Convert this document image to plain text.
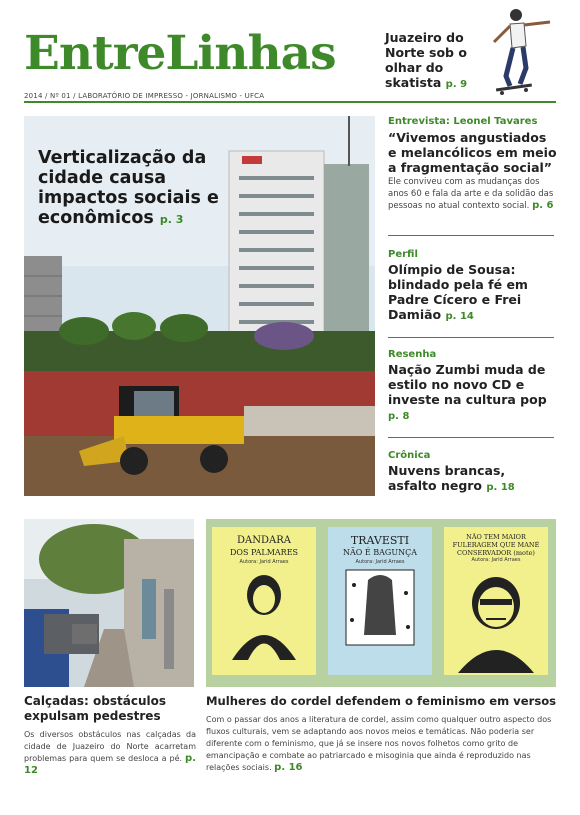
EntreLinhas
2014 / Nº 01 / LABORATÓRIO DE IMPRESSO - JORNALISMO - UFCA
Juazeiro do Norte sob o olhar do skatista p. 9
Verticalização da cidade causa impactos sociais e econômicos p. 3
Entrevista: Leonel Tavares
“Vivemos angustiados e melancólicos em meio a fragmentação social”
Ele conviveu com as mudanças dos anos 60 e fala da arte e da solidão das pessoas no atual contexto social. p. 6
Perfil
Olímpio de Sousa: blindado pela fé em Padre Cícero e Frei Damião p. 14
Resenha
Nação Zumbi muda de estilo no novo CD e investe na cultura pop p. 8
Crônica
Nuvens brancas, asfalto negro p. 18
DANDARA
DOS PALMARES
Autora: Jarid Arraes
TRAVESTI
NÃO É BAGUNÇA
Autora: Jarid Arraes
NÃO TEM MAIOR FULERAGEM QUE MANÉ CONSERVADOR (mote)
Autora: Jarid Arraes
Calçadas: obstáculos expulsam pedestres
Os diversos obstáculos nas calçadas da cidade de Juazeiro do Norte acarretam problemas para quem se desloca a pé. p. 12
Mulheres do cordel defendem o feminismo em versos
Com o passar dos anos a literatura de cordel, assim como qualquer outro aspecto dos fluxos culturais, vem se adaptando aos novos meios e temáticas. Não poderia ser diferente com o feminismo, que já se insere nos novos folhetos como grito de emancipação e combate ao patriarcado e misoginia que ainda é reproduzido nas relações sociais. p. 16
